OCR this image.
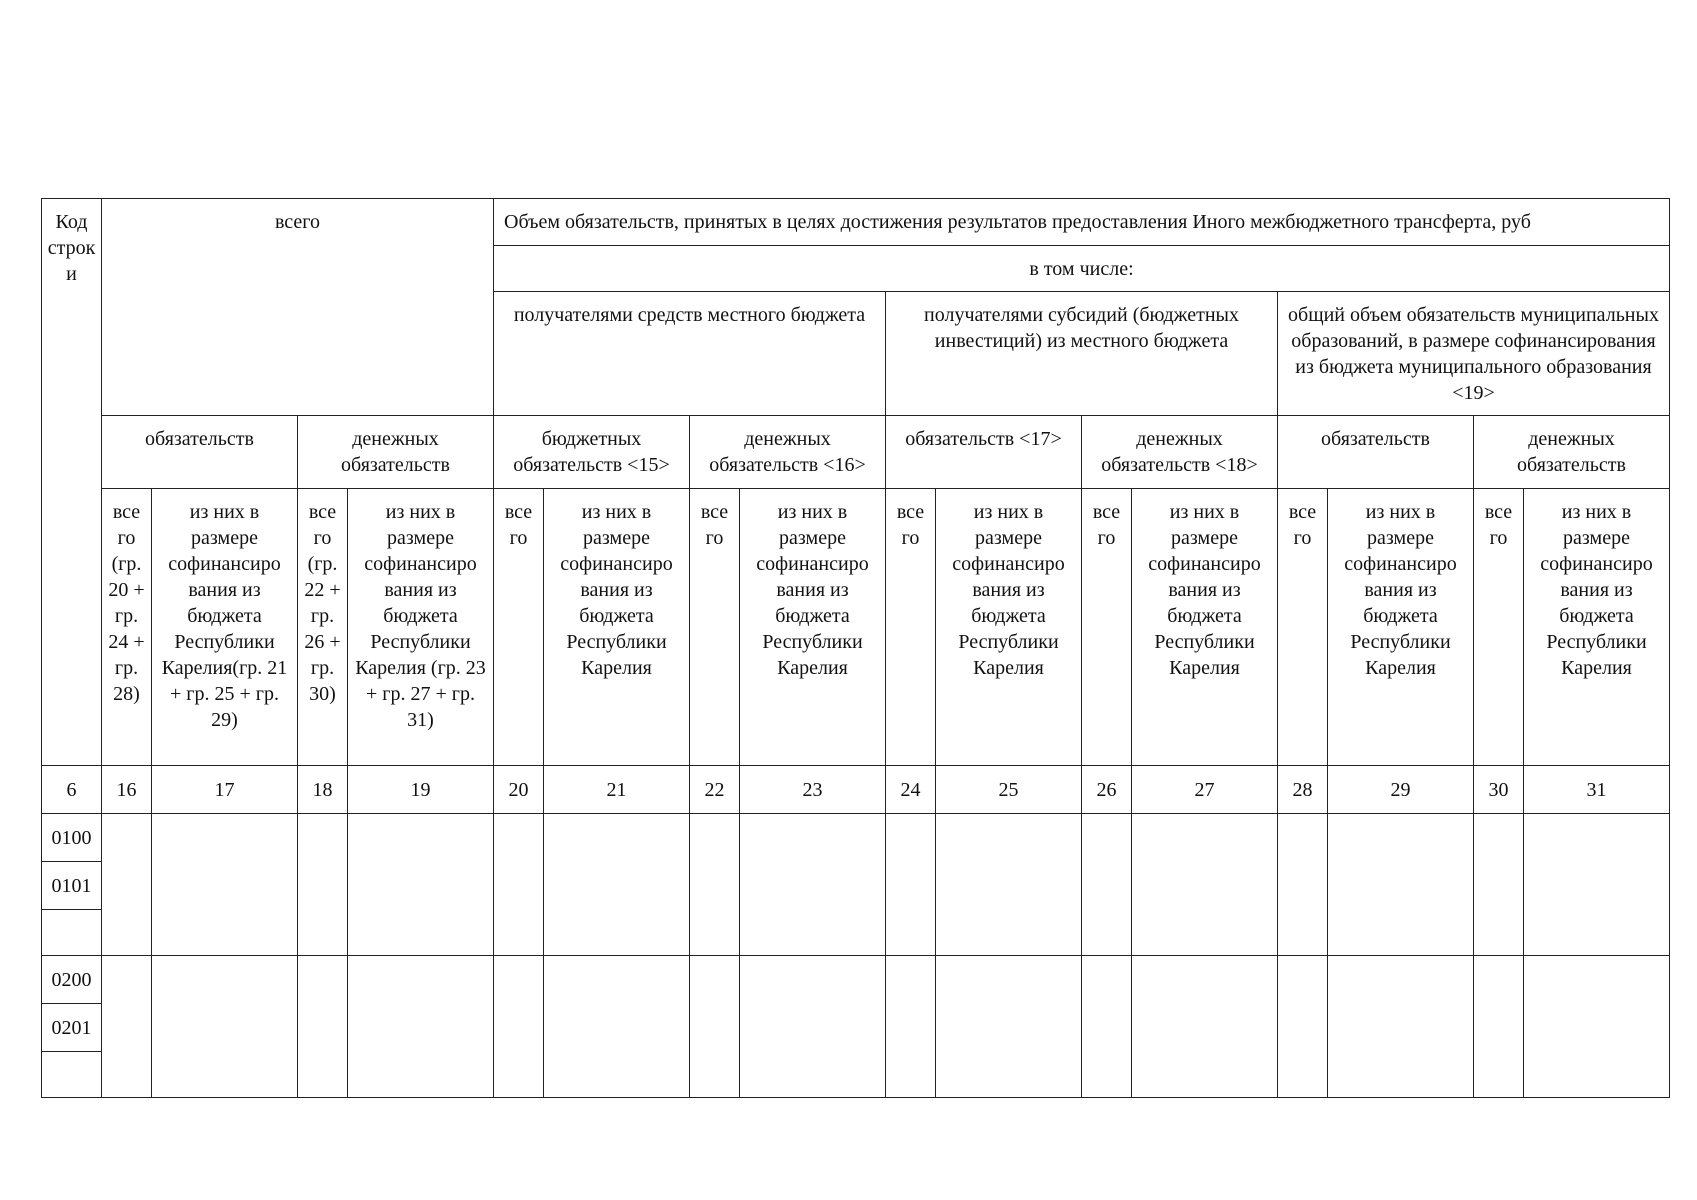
Код строки	всего				Объем обязательств, принятых в целях достижения результатов предоставления Иного межбюджетного трансферта, руб											
					в том числе:											
					получателями средств местного бюджета				получателями субсидий (бюджетных инвестиций) из местного бюджета				общий объем обязательств муниципальных образований, в размере софинансирования из бюджета муниципального образования <19>			
	обязательств		денежных обязательств		бюджетных обязательств <15>		денежных обязательств <16>		обязательств <17>		денежных обязательств <18>		обязательств		денежных обязательств	
	все го (гр. 20 + гр. 24 + гр. 28)	из них в размере софинансиро вания из бюджета Республики Карелия(гр. 21 + гр. 25 + гр. 29)	все го (гр. 22 + гр. 26 + гр. 30)	из них в размере софинансиро вания из бюджета Республики Карелия (гр. 23 + гр. 27 + гр. 31)	все го	из них в размере софинансиро вания из бюджета Республики Карелия	все го	из них в размере софинансиро вания из бюджета Республики Карелия	все го	из них в размере софинансиро вания из бюджета Республики Карелия	все го	из них в размере софинансиро вания из бюджета Республики Карелия	все го	из них в размере софинансиро вания из бюджета Республики Карелия	все го	из них в размере софинансиро вания из бюджета Республики Карелия
6	16	17	18	19	20	21	22	23	24	25	26	27	28	29	30	31
0100																
0101																

0200																
0201																
